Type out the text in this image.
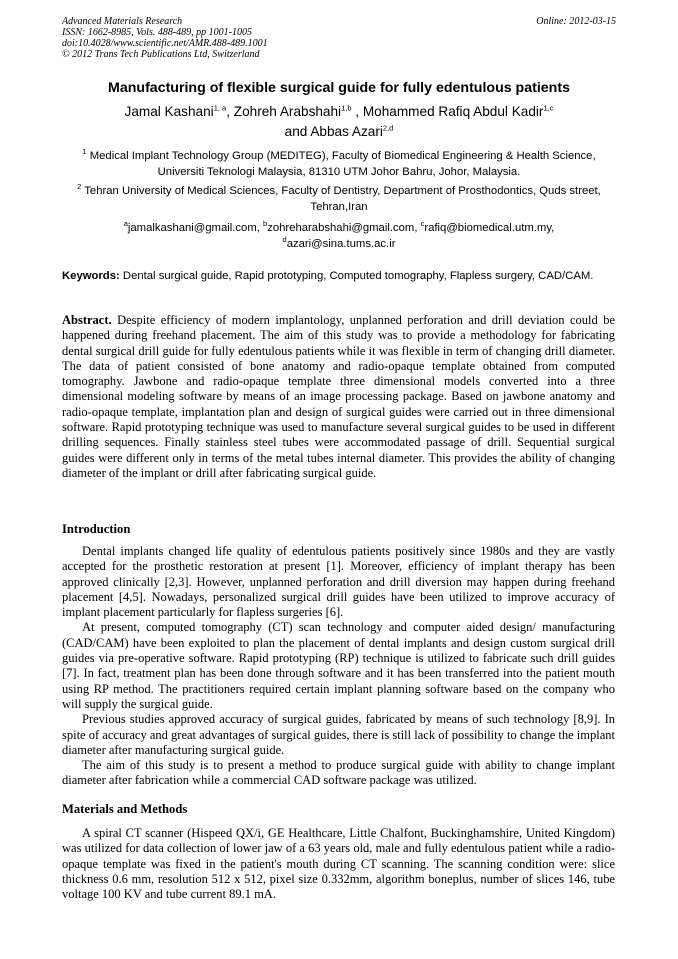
Advanced Materials Research
ISSN: 1662-8985, Vols. 488-489, pp 1001-1005
doi:10.4028/www.scientific.net/AMR.488-489.1001
© 2012 Trans Tech Publications Ltd, Switzerland
Online: 2012-03-15
Manufacturing of flexible surgical guide for fully edentulous patients
Jamal Kashani$^{1, a}$, Zohreh Arabshahi$^{1,b}$ , Mohammed Rafiq Abdul Kadir$^{1,c}$
and Abbas Azari$^{2,d}$
$^1$ Medical Implant Technology Group (MEDITEG), Faculty of Biomedical Engineering & Health Science, Universiti Teknologi Malaysia, 81310 UTM Johor Bahru, Johor, Malaysia.
$^2$ Tehran University of Medical Sciences, Faculty of Dentistry, Department of Prosthodontics, Quds street, Tehran,Iran
$^a$jamalkashani@gmail.com, $^b$zohreharabshahi@gmail.com, $^c$rafiq@biomedical.utm.my,
$^d$azari@sina.tums.ac.ir
Keywords: Dental surgical guide, Rapid prototyping, Computed tomography, Flapless surgery, CAD/CAM.
Abstract. Despite efficiency of modern implantology, unplanned perforation and drill deviation could be happened during freehand placement. The aim of this study was to provide a methodology for fabricating dental surgical drill guide for fully edentulous patients while it was flexible in term of changing drill diameter. The data of patient consisted of bone anatomy and radio-opaque template obtained from computed tomography. Jawbone and radio-opaque template three dimensional models converted into a three dimensional modeling software by means of an image processing package. Based on jawbone anatomy and radio-opaque template, implantation plan and design of surgical guides were carried out in three dimensional software. Rapid prototyping technique was used to manufacture several surgical guides to be used in different drilling sequences. Finally stainless steel tubes were accommodated passage of drill. Sequential surgical guides were different only in terms of the metal tubes internal diameter. This provides the ability of changing diameter of the implant or drill after fabricating surgical guide.
Introduction

Dental implants changed life quality of edentulous patients positively since 1980s and they are vastly accepted for the prosthetic restoration at present [1]. Moreover, efficiency of implant therapy has been approved clinically [2,3]. However, unplanned perforation and drill diversion may happen during freehand placement [4,5]. Nowadays, personalized surgical drill guides have been utilized to improve accuracy of implant placement particularly for flapless surgeries [6].

At present, computed tomography (CT) scan technology and computer aided design/ manufacturing (CAD/CAM) have been exploited to plan the placement of dental implants and design custom surgical drill guides via pre-operative software. Rapid prototyping (RP) technique is utilized to fabricate such drill guides [7]. In fact, treatment plan has been done through software and it has been transferred into the patient mouth using RP method. The practitioners required certain implant planning software based on the company who will supply the surgical guide.

Previous studies approved accuracy of surgical guides, fabricated by means of such technology [8,9]. In spite of accuracy and great advantages of surgical guides, there is still lack of possibility to change the implant diameter after manufacturing surgical guide.

The aim of this study is to present a method to produce surgical guide with ability to change implant diameter after fabrication while a commercial CAD software package was utilized.

Materials and Methods

A spiral CT scanner (Hispeed QX/i, GE Healthcare, Little Chalfont, Buckinghamshire, United Kingdom) was utilized for data collection of lower jaw of a 63 years old, male and fully edentulous patient while a radio-opaque template was fixed in the patient's mouth during CT scanning. The scanning condition were: slice thickness 0.6 mm, resolution 512 x 512, pixel size 0.332mm, algorithm boneplus, number of slices 146, tube voltage 100 KV and tube current 89.1 mA.
